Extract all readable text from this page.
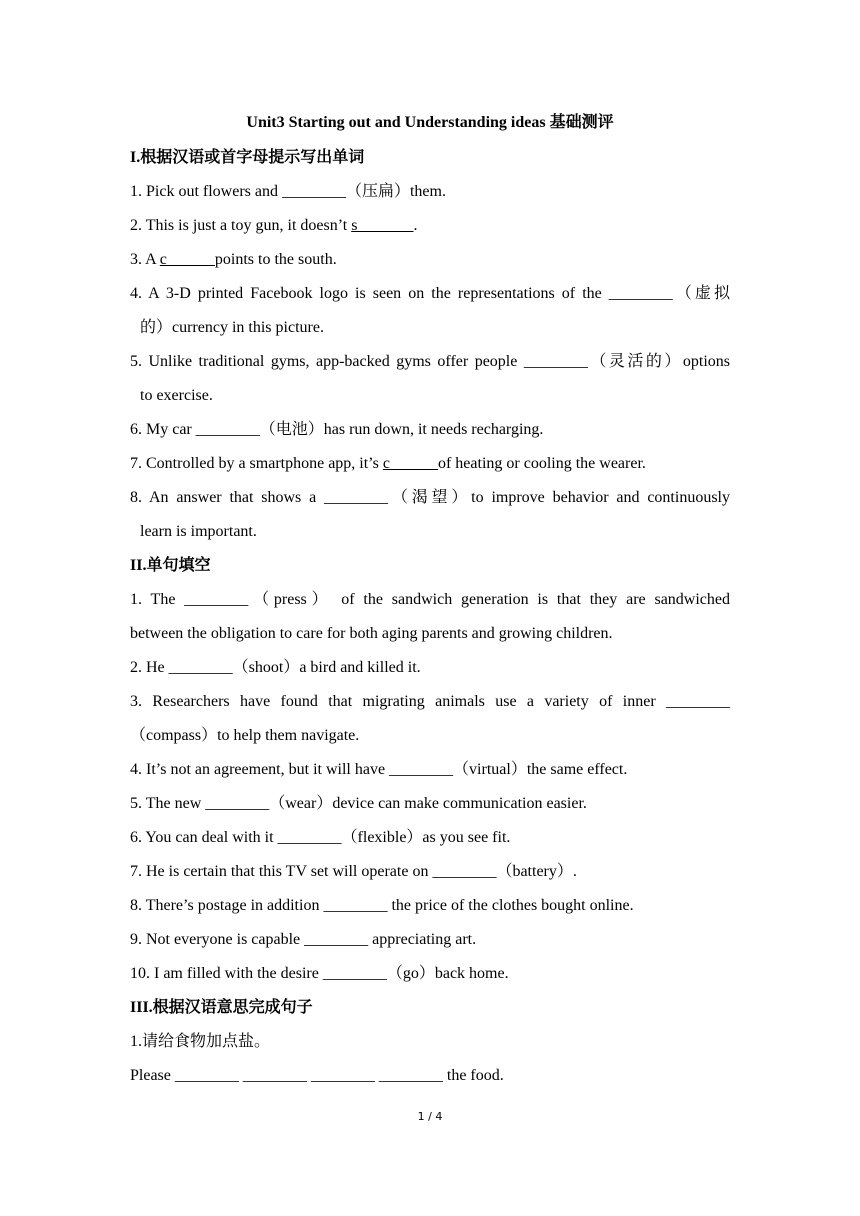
Unit3 Starting out and Understanding ideas 基础测评
I.根据汉语或首字母提示写出单词
1. Pick out flowers and ________（压扁）them.
2. This is just a toy gun, it doesn’t s_______.
3. A c______points to the south.
4. A 3-D printed Facebook logo is seen on the representations of the ________（虚拟
的）currency in this picture.
5. Unlike traditional gyms, app-backed gyms offer people ________（灵活的）options
to exercise.
6. My car ________（电池）has run down, it needs recharging.
7. Controlled by a smartphone app, it’s c______of heating or cooling the wearer.
8. An answer that shows a ________（渴望）to improve behavior and continuously
learn is important.
II.单句填空
1. The ________（press） of the sandwich generation is that they are sandwiched
between the obligation to care for both aging parents and growing children.
2. He ________（shoot）a bird and killed it.
3. Researchers have found that migrating animals use a variety of inner ________
（compass）to help them navigate.
4. It’s not an agreement, but it will have ________（virtual）the same effect.
5. The new ________（wear）device can make communication easier.
6. You can deal with it ________（flexible）as you see fit.
7. He is certain that this TV set will operate on ________（battery）.
8. There’s postage in addition ________ the price of the clothes bought online.
9. Not everyone is capable ________ appreciating art.
10. I am filled with the desire ________（go）back home.
III.根据汉语意思完成句子
1.请给食物加点盐。
Please ________ ________ ________ ________ the food.
1 / 4
